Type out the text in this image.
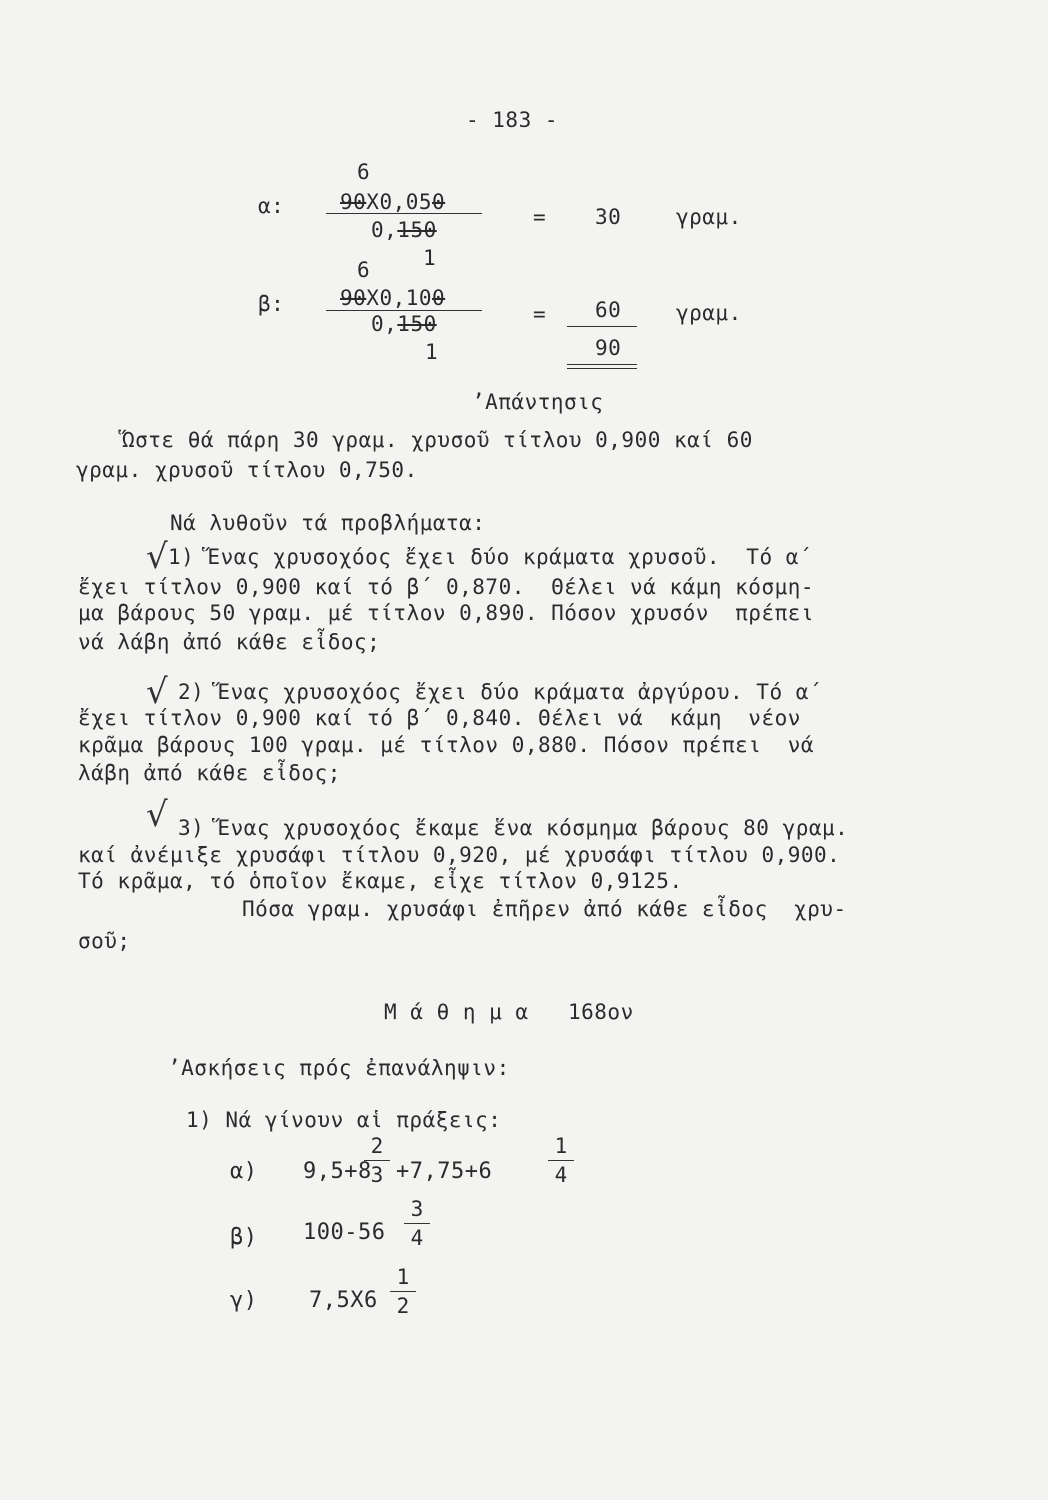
- 183 -
6
α:	90X0,050
0,150
1
= 30	γραμ.
6
β:	90X0,100
0,150
1
= 60	γραμ.
90
’Απάντησις
Ὥστε θά πάρη 30 γραμ. χρυσοῦ τίτλου 0,900 καί 60
γραμ. χρυσοῦ τίτλου 0,750.
Νά λυθοῦν τά προβλήματα:
√ 1) Ἕνας χρυσοχόος ἔχει δύο κράματα χρυσοῦ.  Τό α΄
ἔχει τίτλον 0,900 καί τό β΄ 0,870.  Θέλει νά κάμη κόσμη-
μα βάρους 50 γραμ. μέ τίτλον 0,890. Πόσον χρυσόν  πρέπει
νά λάβη ἀπό κάθε εἶδος;
√ 2) Ἕνας χρυσοχόος ἔχει δύο κράματα ἀργύρου. Τό α΄
ἔχει τίτλον 0,900 καί τό β΄ 0,840. Θέλει νά  κάμη  νέον
κρᾶμα βάρους 100 γραμ. μέ τίτλον 0,880. Πόσον πρέπει  νά
λάβη ἀπό κάθε εἶδος;
√ 3) Ἕνας χρυσοχόος ἔκαμε ἕνα κόσμημα βάρους 80 γραμ.
καί ἀνέμιξε χρυσάφι τίτλου 0,920, μέ χρυσάφι τίτλου 0,900.
Τό κρᾶμα, τό ὁποῖον ἔκαμε, εἶχε τίτλον 0,9125.
Πόσα γραμ. χρυσάφι ἐπῆρεν ἀπό κάθε εἶδος  χρυ-
σοῦ;
Μ ά θ η μ α   168ον
’Ασκήσεις πρός ἐπανάληψιν:
1) Νά γίνουν αἱ πράξεις:
α) 9,5+8
2
3 +7,75+6
1
4
β) 100-56
3
4
γ) 7,5X6
1
2
